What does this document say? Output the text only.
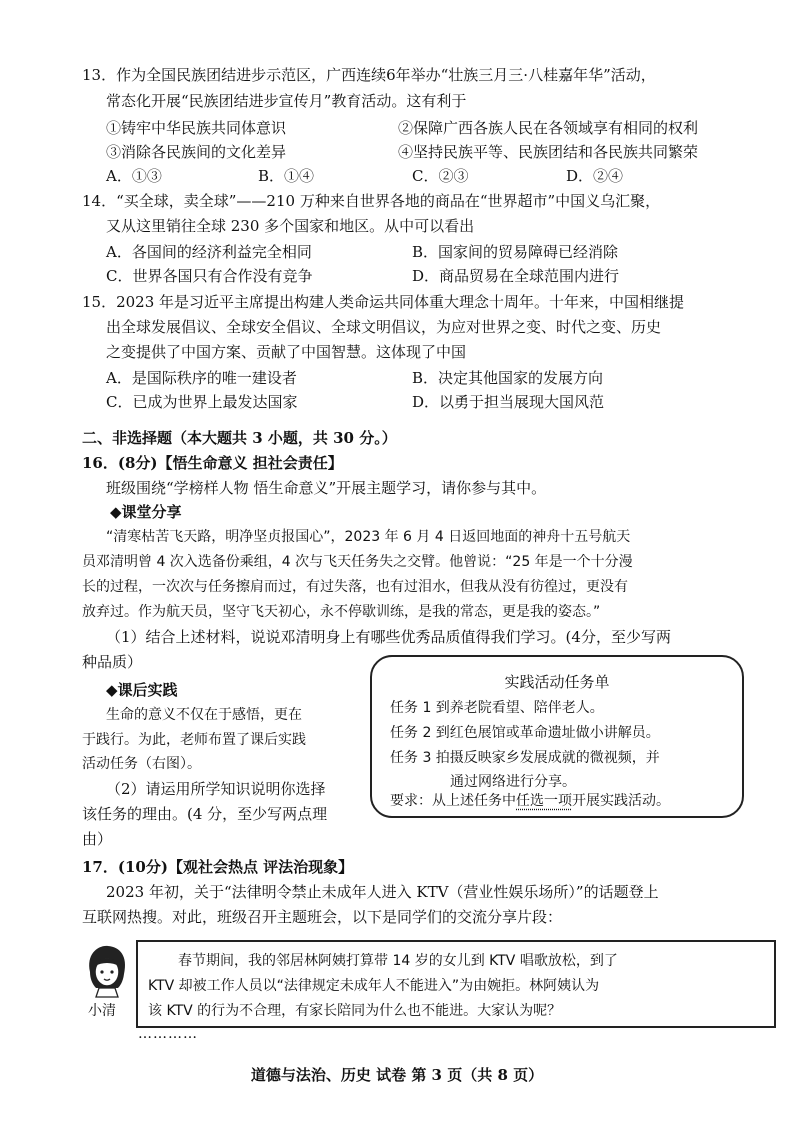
13．作为全国民族团结进步示范区，广西连续6年举办“壮族三月三·八桂嘉年华”活动，
常态化开展“民族团结进步宣传月”教育活动。这有利于
①铸牢中华民族共同体意识	②保障广西各族人民在各领域享有相同的权利
③消除各民族间的文化差异	④坚持民族平等、民族团结和各民族共同繁荣
A．①③	B．①④	C．②③	D．②④
14．“买全球，卖全球”——210 万种来自世界各地的商品在“世界超市”中国义乌汇聚，
又从这里销往全球 230 多个国家和地区。从中可以看出
A．各国间的经济利益完全相同	B．国家间的贸易障碍已经消除
C．世界各国只有合作没有竞争	D．商品贸易在全球范围内进行
15．2023 年是习近平主席提出构建人类命运共同体重大理念十周年。十年来，中国相继提
出全球发展倡议、全球安全倡议、全球文明倡议，为应对世界之变、时代之变、历史
之变提供了中国方案、贡献了中国智慧。这体现了中国
A．是国际秩序的唯一建设者	B．决定其他国家的发展方向
C．已成为世界上最发达国家	D．以勇于担当展现大国风范
二、非选择题（本大题共 3 小题，共 30 分。）
16．(8分)【悟生命意义 担社会责任】
班级围绕“学榜样人物 悟生命意义”开展主题学习，请你参与其中。
◆课堂分享
“清寒枯苦飞天路，明净坚贞报国心”，2023 年 6 月 4 日返回地面的神舟十五号航天
员邓清明曾 4 次入选备份乘组，4 次与飞天任务失之交臂。他曾说：“25 年是一个十分漫
长的过程，一次次与任务擦肩而过，有过失落，也有过泪水，但我从没有彷徨过，更没有
放弃过。作为航天员，坚守飞天初心，永不停歇训练，是我的常态，更是我的姿态。”
（1）结合上述材料，说说邓清明身上有哪些优秀品质值得我们学习。(4分，至少写两
种品质）
◆课后实践
生命的意义不仅在于感悟，更在
于践行。为此，老师布置了课后实践
活动任务（右图）。
（2）请运用所学知识说明你选择
该任务的理由。(4 分，至少写两点理
由）
实践活动任务单
任务 1 到养老院看望、陪伴老人。
任务 2 到红色展馆或革命遗址做小讲解员。
任务 3 拍摄反映家乡发展成就的微视频，并
通过网络进行分享。
要求：从上述任务中任选一项开展实践活动。
17．(10分)【观社会热点 评法治现象】
2023 年初，关于“法律明令禁止未成年人进入 KTV（营业性娱乐场所）”的话题登上
互联网热搜。对此，班级召开主题班会，以下是同学们的交流分享片段：
小清
春节期间，我的邻居林阿姨打算带 14 岁的女儿到 KTV 唱歌放松，到了
KTV 却被工作人员以“法律规定未成年人不能进入”为由婉拒。林阿姨认为
该 KTV 的行为不合理，有家长陪同为什么也不能进。大家认为呢？
…………
道德与法治、历史 试卷 第 3 页（共 8 页）
